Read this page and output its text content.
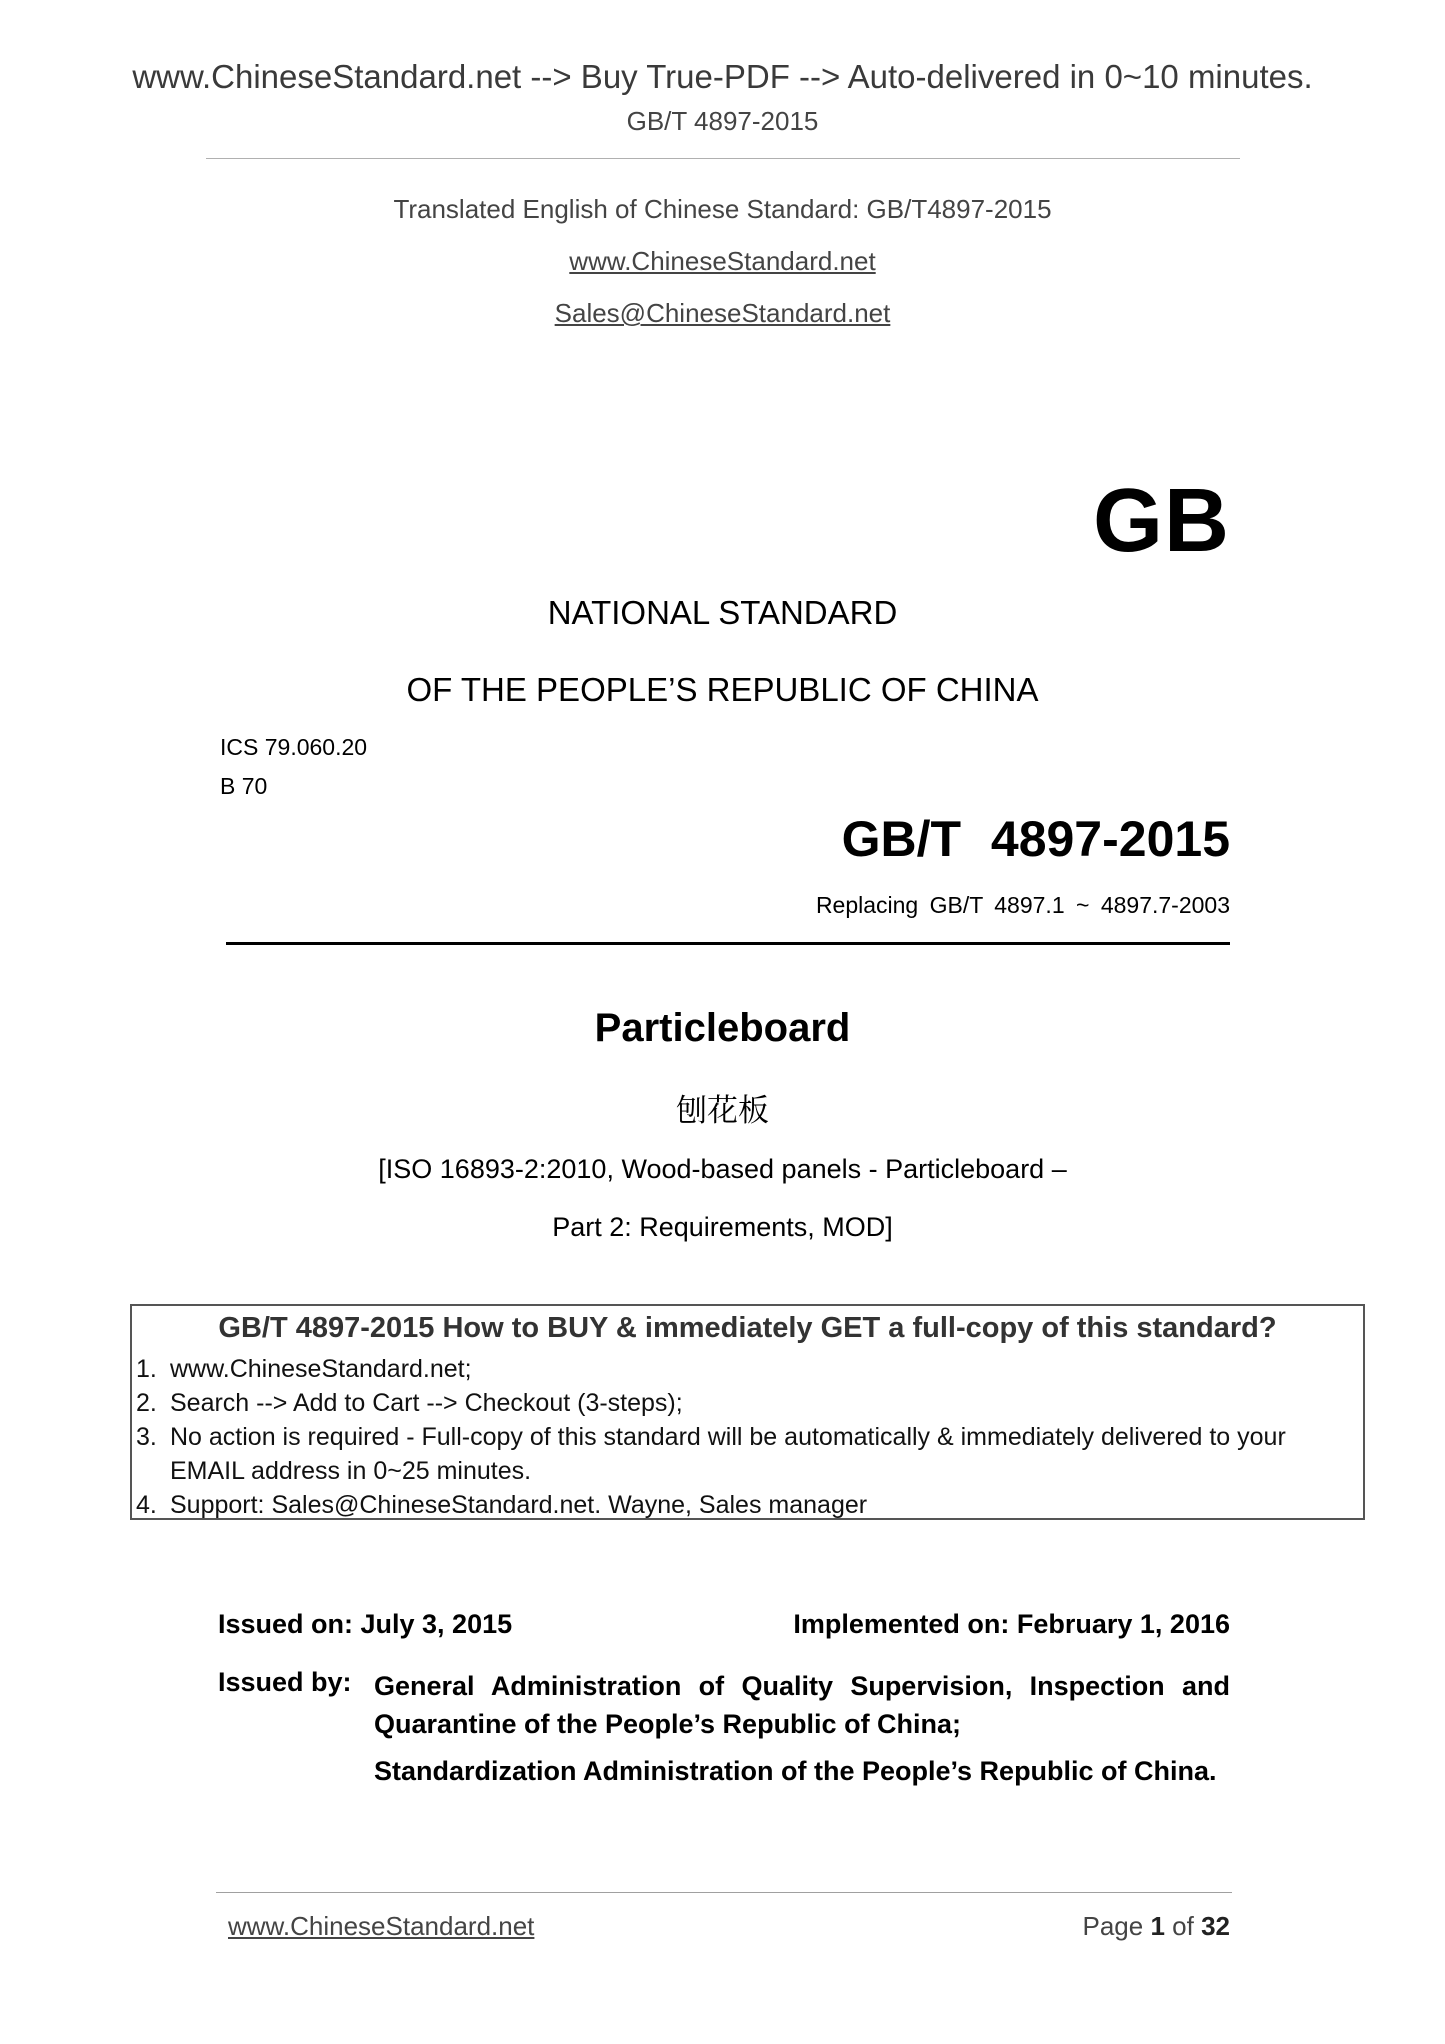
www.ChineseStandard.net --> Buy True-PDF --> Auto-delivered in 0~10 minutes.
GB/T 4897-2015
Translated English of Chinese Standard: GB/T4897-2015
www.ChineseStandard.net
Sales@ChineseStandard.net
GB
NATIONAL STANDARD
OF THE PEOPLE’S REPUBLIC OF CHINA
ICS 79.060.20
B 70
GB/T 4897-2015
Replacing GB/T 4897.1 ~ 4897.7-2003
Particleboard
刨花板
[ISO 16893-2:2010, Wood-based panels - Particleboard –
Part 2: Requirements, MOD]
GB/T 4897-2015 How to BUY & immediately GET a full-copy of this standard?
1. www.ChineseStandard.net;
2. Search --> Add to Cart --> Checkout (3-steps);
3. No action is required - Full-copy of this standard will be automatically & immediately delivered to your EMAIL address in 0~25 minutes.
4. Support: Sales@ChineseStandard.net. Wayne, Sales manager
Issued on: July 3, 2015	Implemented on: February 1, 2016
Issued by: General Administration of Quality Supervision, Inspection and Quarantine of the People’s Republic of China;
Standardization Administration of the People’s Republic of China.
www.ChineseStandard.net	Page 1 of 32
